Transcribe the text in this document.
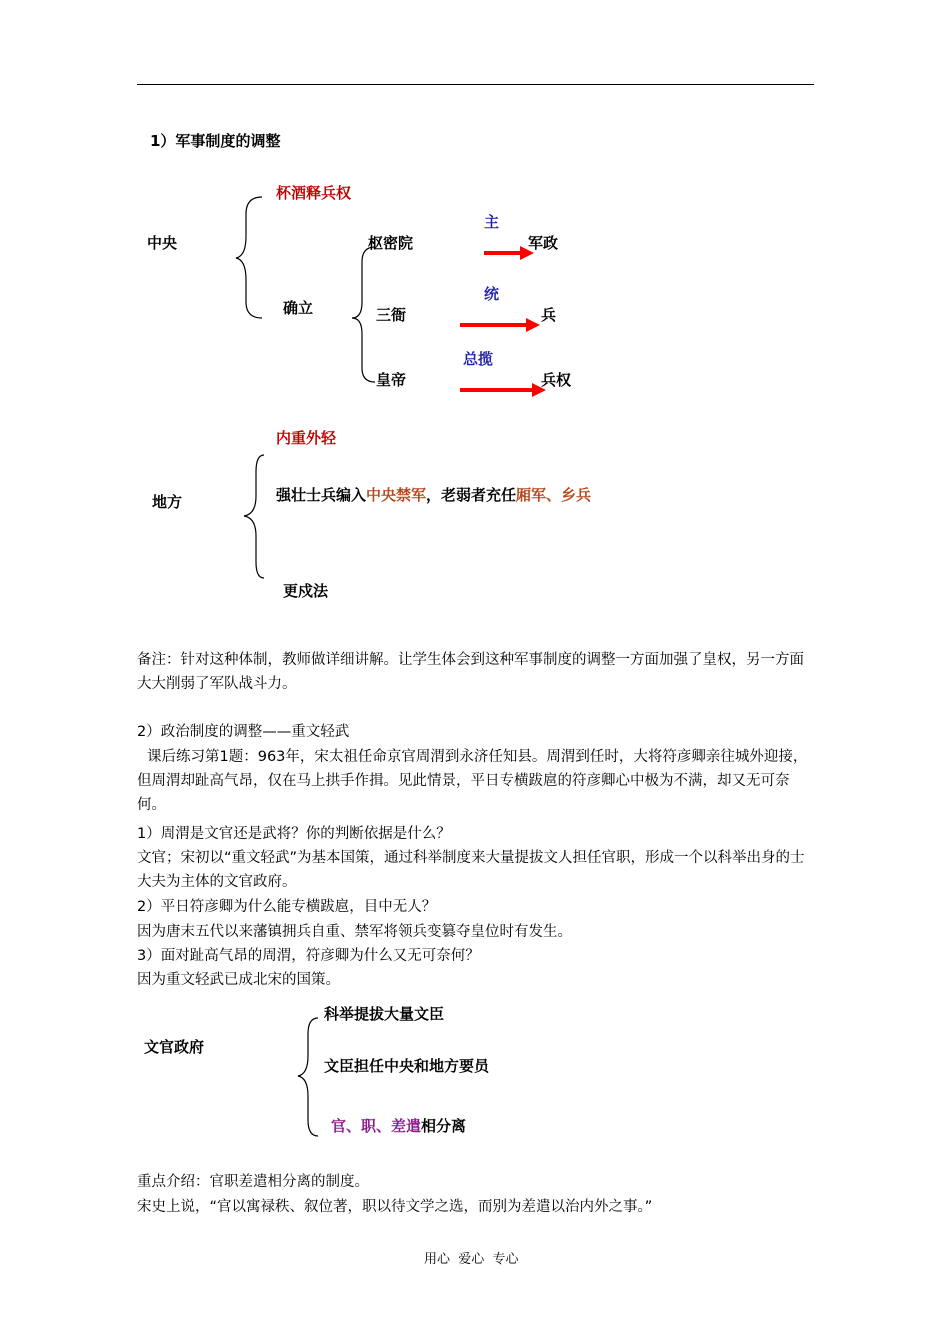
1）军事制度的调整
杯酒释兵权
中央
确立
枢密院
主
军政
三衙
统
兵
皇帝
总揽
兵权
内重外轻
地方	强壮士兵编入中央禁军，老弱者充任厢军、乡兵
更戍法
备注：针对这种体制，教师做详细讲解。让学生体会到这种军事制度的调整一方面加强了皇权，另一方面大大削弱了军队战斗力。
2）政治制度的调整——重文轻武
课后练习第1题：963年，宋太祖任命京官周渭到永济任知县。周渭到任时，大将符彦卿亲往城外迎接，但周渭却趾高气昂，仅在马上拱手作揖。见此情景，平日专横跋扈的符彦卿心中极为不满，却又无可奈何。
1）周渭是文官还是武将？你的判断依据是什么？
文官；宋初以“重文轻武”为基本国策，通过科举制度来大量提拔文人担任官职，形成一个以科举出身的士大夫为主体的文官政府。
2）平日符彦卿为什么能专横跋扈，目中无人？
因为唐末五代以来藩镇拥兵自重、禁军将领兵变篡夺皇位时有发生。
3）面对趾高气昂的周渭，符彦卿为什么又无可奈何？
因为重文轻武已成北宋的国策。
文官政府
科举提拔大量文臣
文臣担任中央和地方要员
官、职、差遣相分离
重点介绍：官职差遣相分离的制度。
宋史上说，“官以寓禄秩、叙位著，职以待文学之选，而别为差遣以治内外之事。”
用心  爱心  专心
